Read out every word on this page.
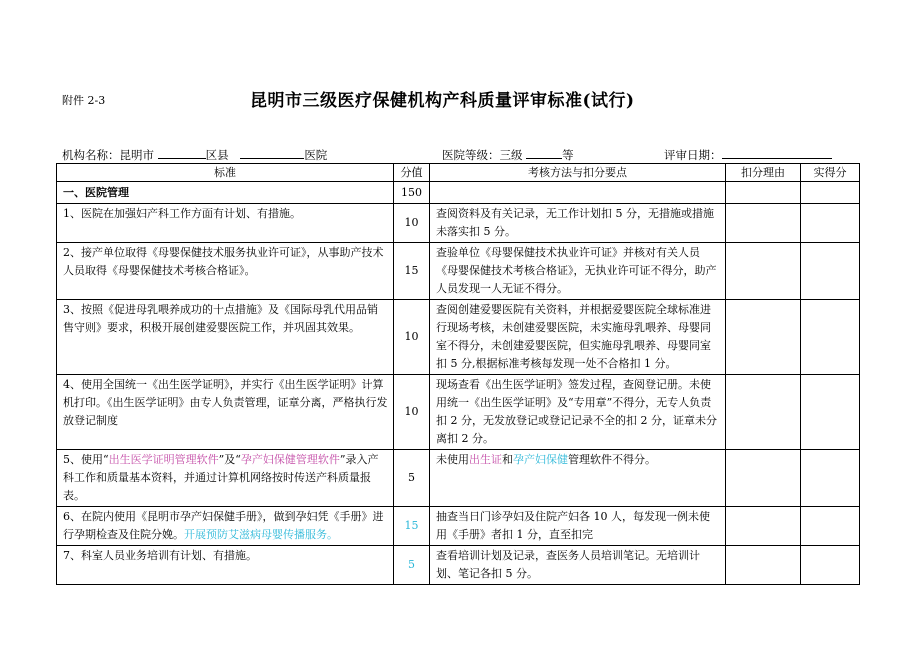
附件 2-3	昆明市三级医疗保健机构产科质量评审标准(试行)
机构名称：昆明市	区县	医院	医院等级：三级	等	评审日期：
标准	分值	考核方法与扣分要点	扣分理由	实得分
一、医院管理	150			
1、医院在加强妇产科工作方面有计划、有措施。	10	查阅资料及有关记录，无工作计划扣 5 分，无措施或措施未落实扣 5 分。		
2、接产单位取得《母婴保健技术服务执业许可证》，从事助产技术人员取得《母婴保健技术考核合格证》。	15	查验单位《母婴保健技术执业许可证》并核对有关人员《母婴保健技术考核合格证》，无执业许可证不得分，助产人员发现一人无证不得分。		
3、按照《促进母乳喂养成功的十点措施》及《国际母乳代用品销售守则》要求，积极开展创建爱婴医院工作，并巩固其效果。	10	查阅创建爱婴医院有关资料，并根据爱婴医院全球标准进行现场考核，未创建爱婴医院，未实施母乳喂养、母婴同室不得分，未创建爱婴医院，但实施母乳喂养、母婴同室扣 5 分,根据标准考核每发现一处不合格扣 1 分。		
4、使用全国统一《出生医学证明》，并实行《出生医学证明》计算机打印。《出生医学证明》由专人负责管理，证章分离，严格执行发放登记制度	10	现场查看《出生医学证明》签发过程，查阅登记册。未使用统一《出生医学证明》及“专用章”不得分，无专人负责扣 2 分，无发放登记或登记记录不全的扣 2 分，证章未分离扣 2 分。		
5、使用“出生医学证明管理软件”及“孕产妇保健管理软件”录入产科工作和质量基本资料，并通过计算机网络按时传送产科质量报表。	5	未使用出生证和孕产妇保健管理软件不得分。		
6、在院内使用《昆明市孕产妇保健手册》，做到孕妇凭《手册》进行孕期检查及住院分娩。开展预防艾滋病母婴传播服务。	15	抽查当日门诊孕妇及住院产妇各 10 人，每发现一例未使用《手册》者扣 1 分，直至扣完		
7、科室人员业务培训有计划、有措施。	5	查看培训计划及记录，查医务人员培训笔记。无培训计划、笔记各扣 5 分。		
